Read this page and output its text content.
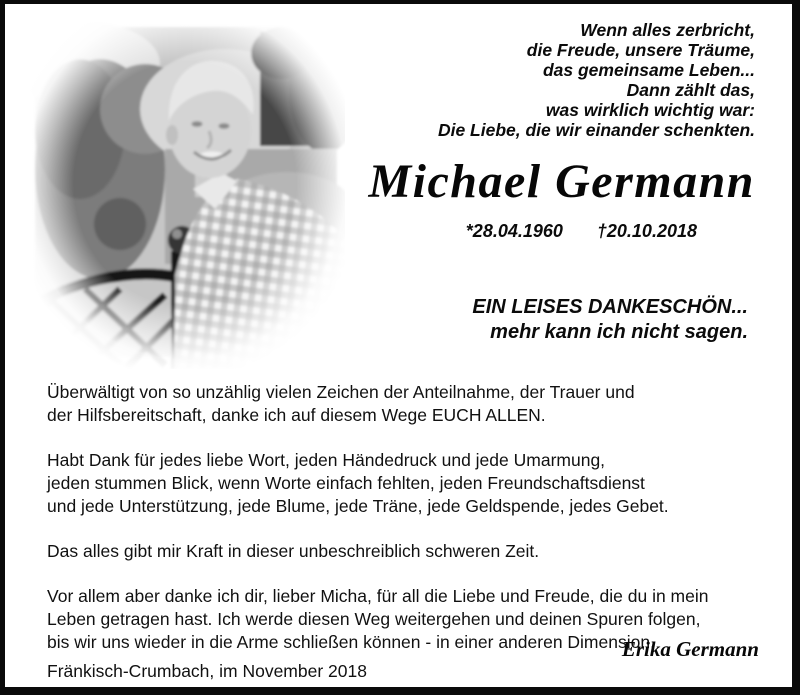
Wenn alles zerbricht,
die Freude, unsere Träume,
das gemeinsame Leben...
Dann zählt das,
was wirklich wichtig war:
Die Liebe, die wir einander schenkten.
Michael Germann
*28.04.1960 †20.10.2018
EIN LEISES DANKESCHÖN...
mehr kann ich nicht sagen.

Überwältigt von so unzählig vielen Zeichen der Anteilnahme, der Trauer und
der Hilfsbereitschaft, danke ich auf diesem Wege EUCH ALLEN.

Habt Dank für jedes liebe Wort, jeden Händedruck und jede Umarmung,
jeden stummen Blick, wenn Worte einfach fehlten, jeden Freundschaftsdienst
und jede Unterstützung, jede Blume, jede Träne, jede Geldspende, jedes Gebet.

Das alles gibt mir Kraft in dieser unbeschreiblich schweren Zeit.

Vor allem aber danke ich dir, lieber Micha, für all die Liebe und Freude, die du in mein
Leben getragen hast. Ich werde diesen Weg weitergehen und deinen Spuren folgen,
bis wir uns wieder in die Arme schließen können - in einer anderen Dimension.

Erika Germann
Fränkisch-Crumbach, im November 2018
